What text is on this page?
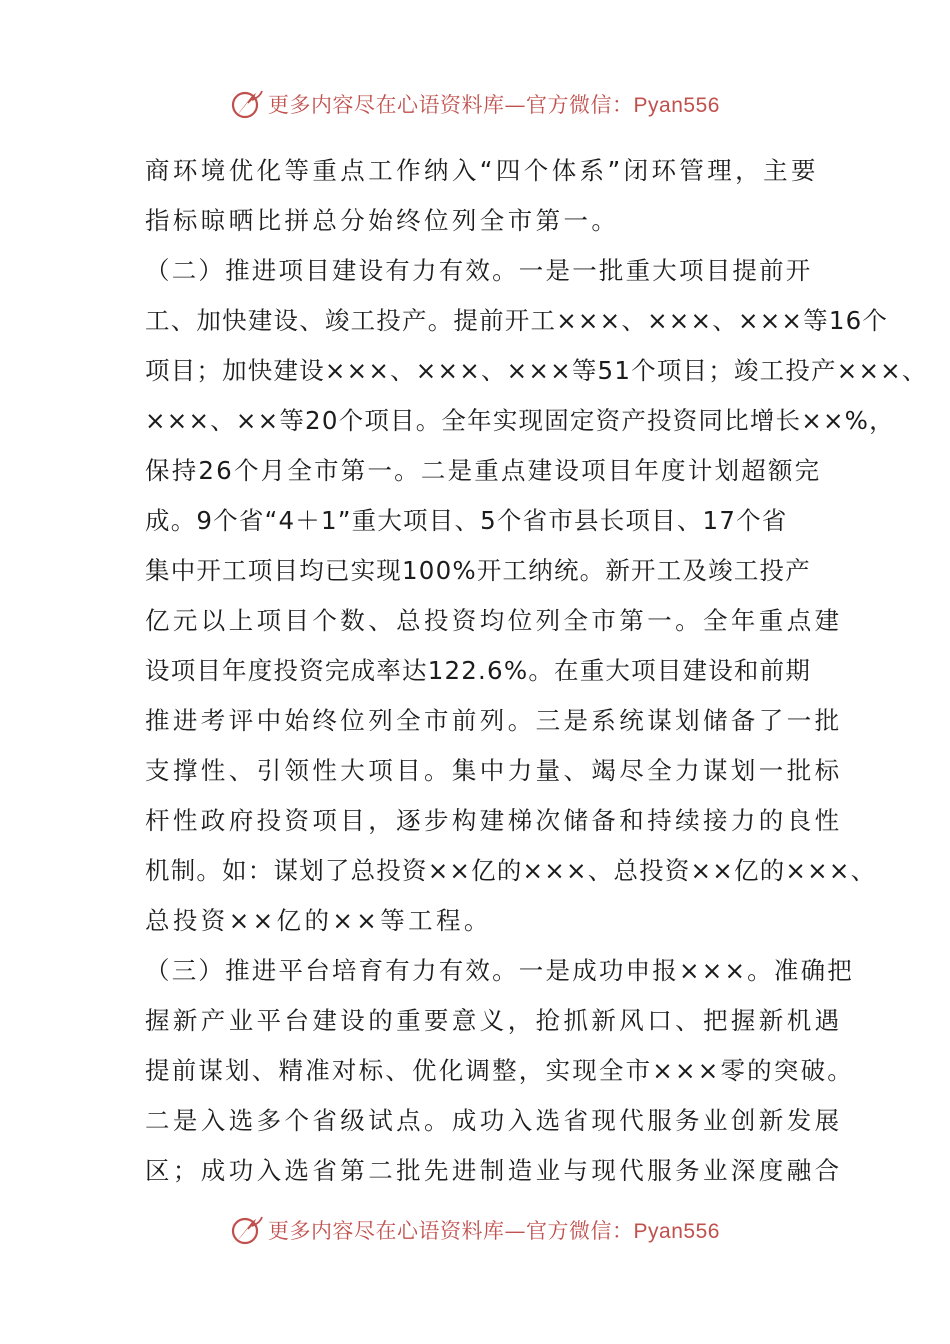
更多内容尽在心语资料库—官方微信：Pyan556
商环境优化等重点工作纳入“四个体系”闭环管理，主要
指标晾晒比拼总分始终位列全市第一。
（二）推进项目建设有力有效。一是一批重大项目提前开
工、加快建设、竣工投产。提前开工×××、×××、×××等16个
项目；加快建设×××、×××、×××等51个项目；竣工投产×××、
×××、××等20个项目。全年实现固定资产投资同比增长××%，
保持26个月全市第一。二是重点建设项目年度计划超额完
成。9个省“4＋1”重大项目、5个省市县长项目、17个省
集中开工项目均已实现100%开工纳统。新开工及竣工投产
亿元以上项目个数、总投资均位列全市第一。全年重点建
设项目年度投资完成率达122.6%。在重大项目建设和前期
推进考评中始终位列全市前列。三是系统谋划储备了一批
支撑性、引领性大项目。集中力量、竭尽全力谋划一批标
杆性政府投资项目，逐步构建梯次储备和持续接力的良性
机制。如：谋划了总投资××亿的×××、总投资××亿的×××、
总投资××亿的××等工程。
（三）推进平台培育有力有效。一是成功申报×××。准确把
握新产业平台建设的重要意义，抢抓新风口、把握新机遇
提前谋划、精准对标、优化调整，实现全市×××零的突破。
二是入选多个省级试点。成功入选省现代服务业创新发展
区；成功入选省第二批先进制造业与现代服务业深度融合
更多内容尽在心语资料库—官方微信：Pyan556
